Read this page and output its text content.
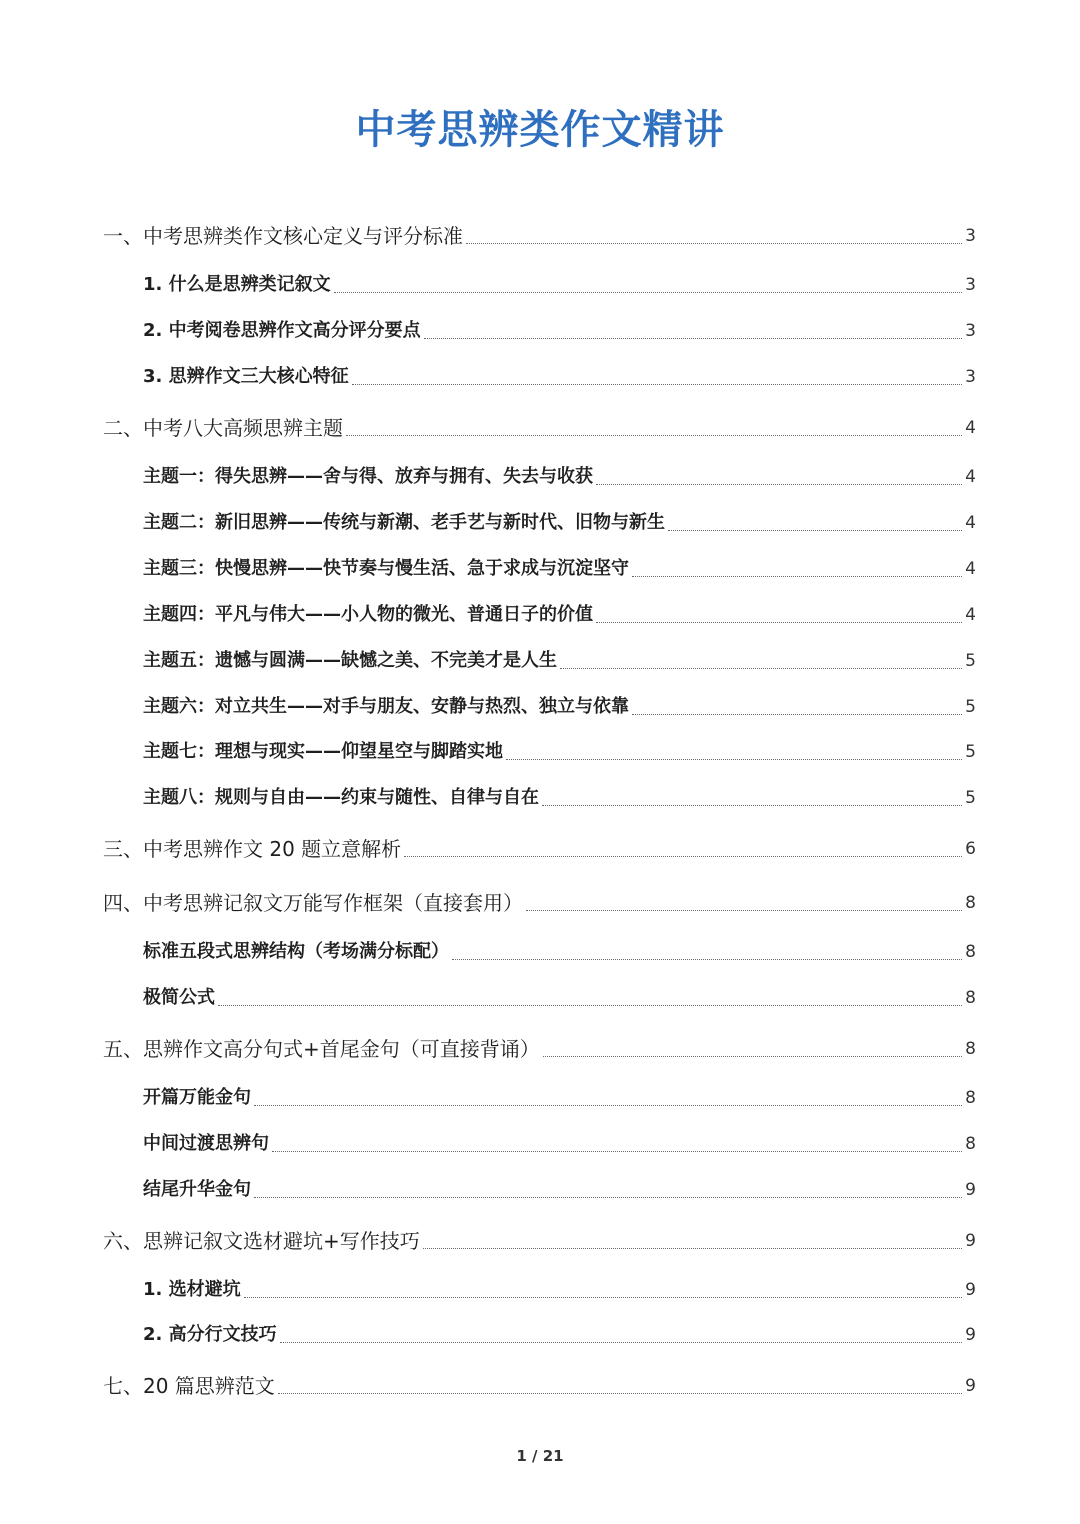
中考思辨类作文精讲
一、中考思辨类作文核心定义与评分标准	3
1. 什么是思辨类记叙文	3
2. 中考阅卷思辨作文高分评分要点	3
3. 思辨作文三大核心特征	3
二、中考八大高频思辨主题	4
主题一：得失思辨——舍与得、放弃与拥有、失去与收获	4
主题二：新旧思辨——传统与新潮、老手艺与新时代、旧物与新生	4
主题三：快慢思辨——快节奏与慢生活、急于求成与沉淀坚守	4
主题四：平凡与伟大——小人物的微光、普通日子的价值	4
主题五：遗憾与圆满——缺憾之美、不完美才是人生	5
主题六：对立共生——对手与朋友、安静与热烈、独立与依靠	5
主题七：理想与现实——仰望星空与脚踏实地	5
主题八：规则与自由——约束与随性、自律与自在	5
三、中考思辨作文 20 题立意解析	6
四、中考思辨记叙文万能写作框架（直接套用）	8
标准五段式思辨结构（考场满分标配）	8
极简公式	8
五、思辨作文高分句式+首尾金句（可直接背诵）	8
开篇万能金句	8
中间过渡思辨句	8
结尾升华金句	9
六、思辨记叙文选材避坑+写作技巧	9
1. 选材避坑	9
2. 高分行文技巧	9
七、20 篇思辨范文	9
1 / 21
